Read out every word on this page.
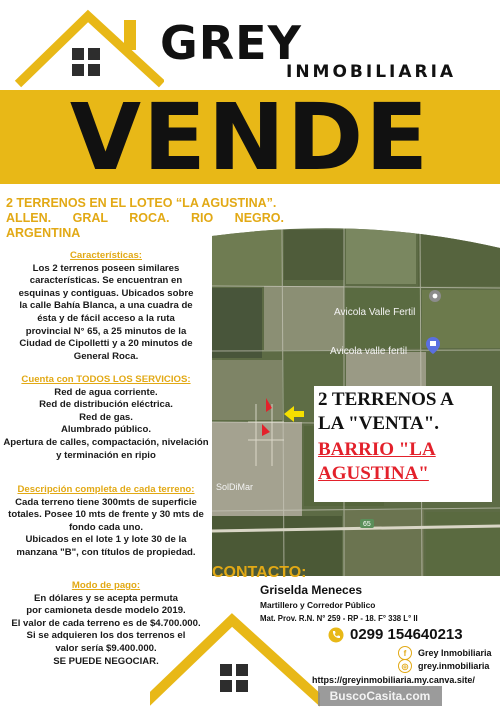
GREY
INMOBILIARIA
VENDE
2 TERRENOS EN EL LOTEO “LA AGUSTINA”.
ALLEN. GRAL ROCA. RIO NEGRO.
ARGENTINA

Características:

Los 2 terrenos poseen similares características. Se encuentran en esquinas y contiguas. Ubicados sobre la calle Bahía Blanca, a una cuadra de ésta y de fácil acceso a la ruta provincial N° 65, a 25 minutos de la Ciudad de Cipolletti y a 20 minutos de General Roca.

Cuenta con TODOS LOS SERVICIOS:

Red de agua corriente.

Red de distribución eléctrica.

Red de gas.

Alumbrado público.

Apertura de calles, compactación, nivelación y terminación en ripio

Descripción completa de cada terreno:

Cada terreno tiene 300mts de superficie totales. Posee 10 mts de frente y 30 mts de fondo cada uno.

Ubicados en el lote 1 y lote 30 de la manzana "B", con títulos de propiedad.

Modo de pago:

En dólares y se acepta permuta por camioneta desde modelo 2019.

El valor de cada terreno es de $4.700.000.

Si se adquieren los dos terrenos el valor sería $9.400.000.

SE PUEDE NEGOCIAR.

Avicola Valle Fertil
Avicola valle fertil
SolDiMar
65
2 TERRENOS A
LA "VENTA".
BARRIO "LA
AGUSTINA"
CONTACTO:
Griselda Meneces
Martillero y Corredor Público
Mat. Prov. R.N. N° 259 - RP - 18. F° 338 L° II
0299 154640213
f	Grey Inmobiliaria
◎	grey.inmobiliaria
https://greyinmobiliaria.my.canva.site/
BuscoCasita.com
